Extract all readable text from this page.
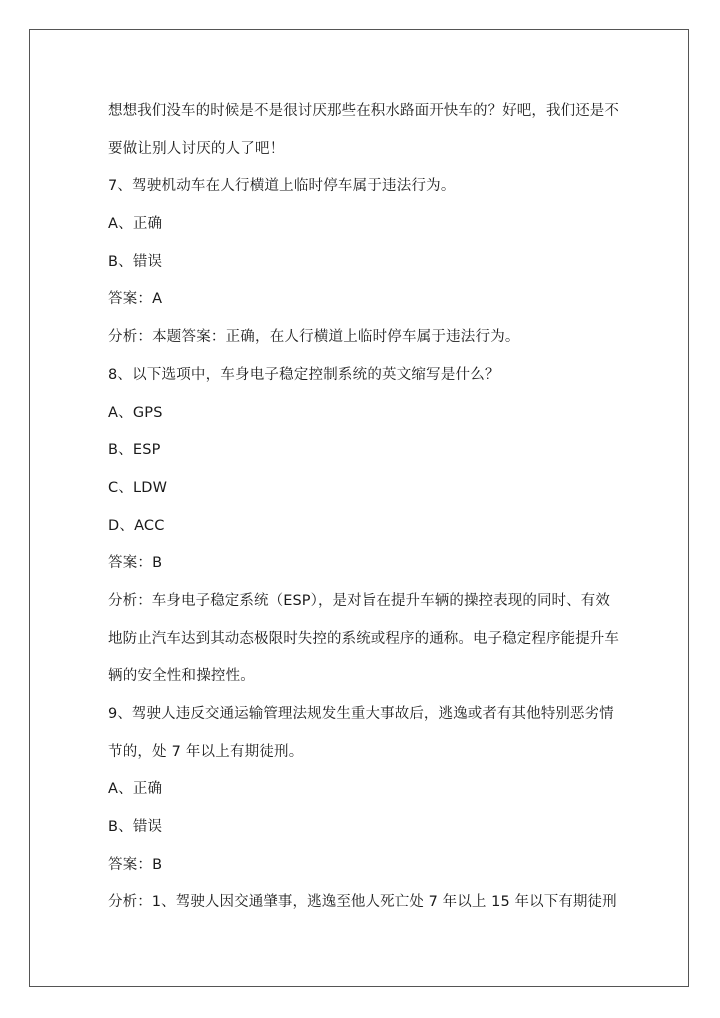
想想我们没车的时候是不是很讨厌那些在积水路面开快车的？好吧，我们还是不
要做让别人讨厌的人了吧！
7、驾驶机动车在人行横道上临时停车属于违法行为。
A、正确
B、错误
答案：A
分析：本题答案：正确，在人行横道上临时停车属于违法行为。
8、以下选项中，车身电子稳定控制系统的英文缩写是什么？
A、GPS
B、ESP
C、LDW
D、ACC
答案：B
分析：车身电子稳定系统（ESP），是对旨在提升车辆的操控表现的同时、有效
地防止汽车达到其动态极限时失控的系统或程序的通称。电子稳定程序能提升车
辆的安全性和操控性。
9、驾驶人违反交通运输管理法规发生重大事故后，逃逸或者有其他特别恶劣情
节的，处 7 年以上有期徒刑。
A、正确
B、错误
答案：B
分析：1、驾驶人因交通肇事，逃逸至他人死亡处 7 年以上 15 年以下有期徒刑
